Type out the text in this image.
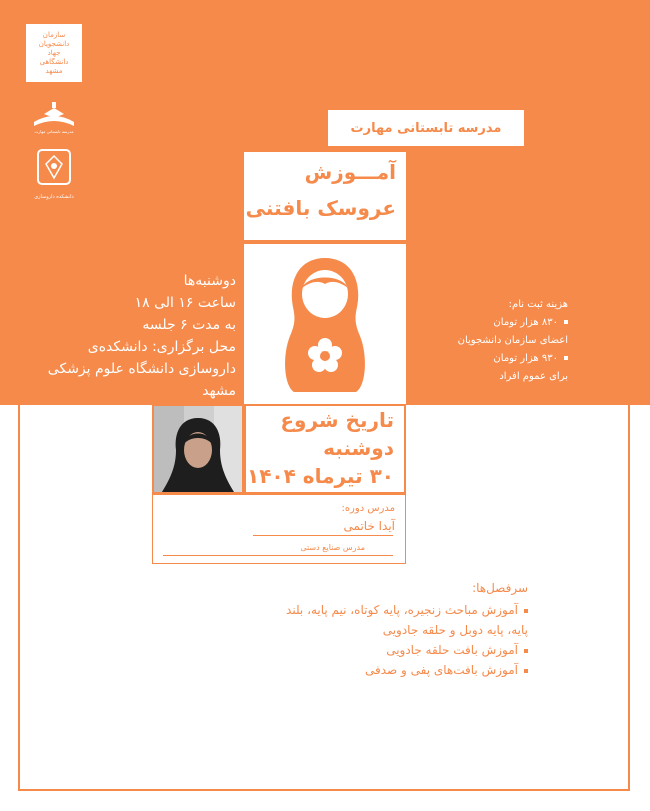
سازمان
دانشجویان
جهاد
دانشگاهی
مشهد
مدرسه تابستانی مهارت
دانشکده داروسازی
مدرسه تابستانی مهارت
آمـــوزش
عروسک بافتنی
دوشنبه‌ها
ساعت ۱۶ الی ۱۸
به مدت ۶ جلسه
محل برگزاری: دانشکده‌ی
داروسازی دانشگاه علوم پزشکی
مشهد
هزینه ثبت نام:
۸۳۰ هزار تومان
اعضای سازمان دانشجویان
۹۳۰ هزار تومان
برای عموم افراد
تاریخ شروع
دوشنبه
۳۰ تیرماه ۱۴۰۴
مدرس دوره:
آیدا خاتمی
مدرس صنایع دستی
سرفصل‌ها:
آموزش مباحث زنجیره، پایه کوتاه، نیم پایه، بلند
پایه، پایه دوبل و حلقه جادویی
آموزش بافت حلقه جادویی
آموزش بافت‌های پفی و صدفی
